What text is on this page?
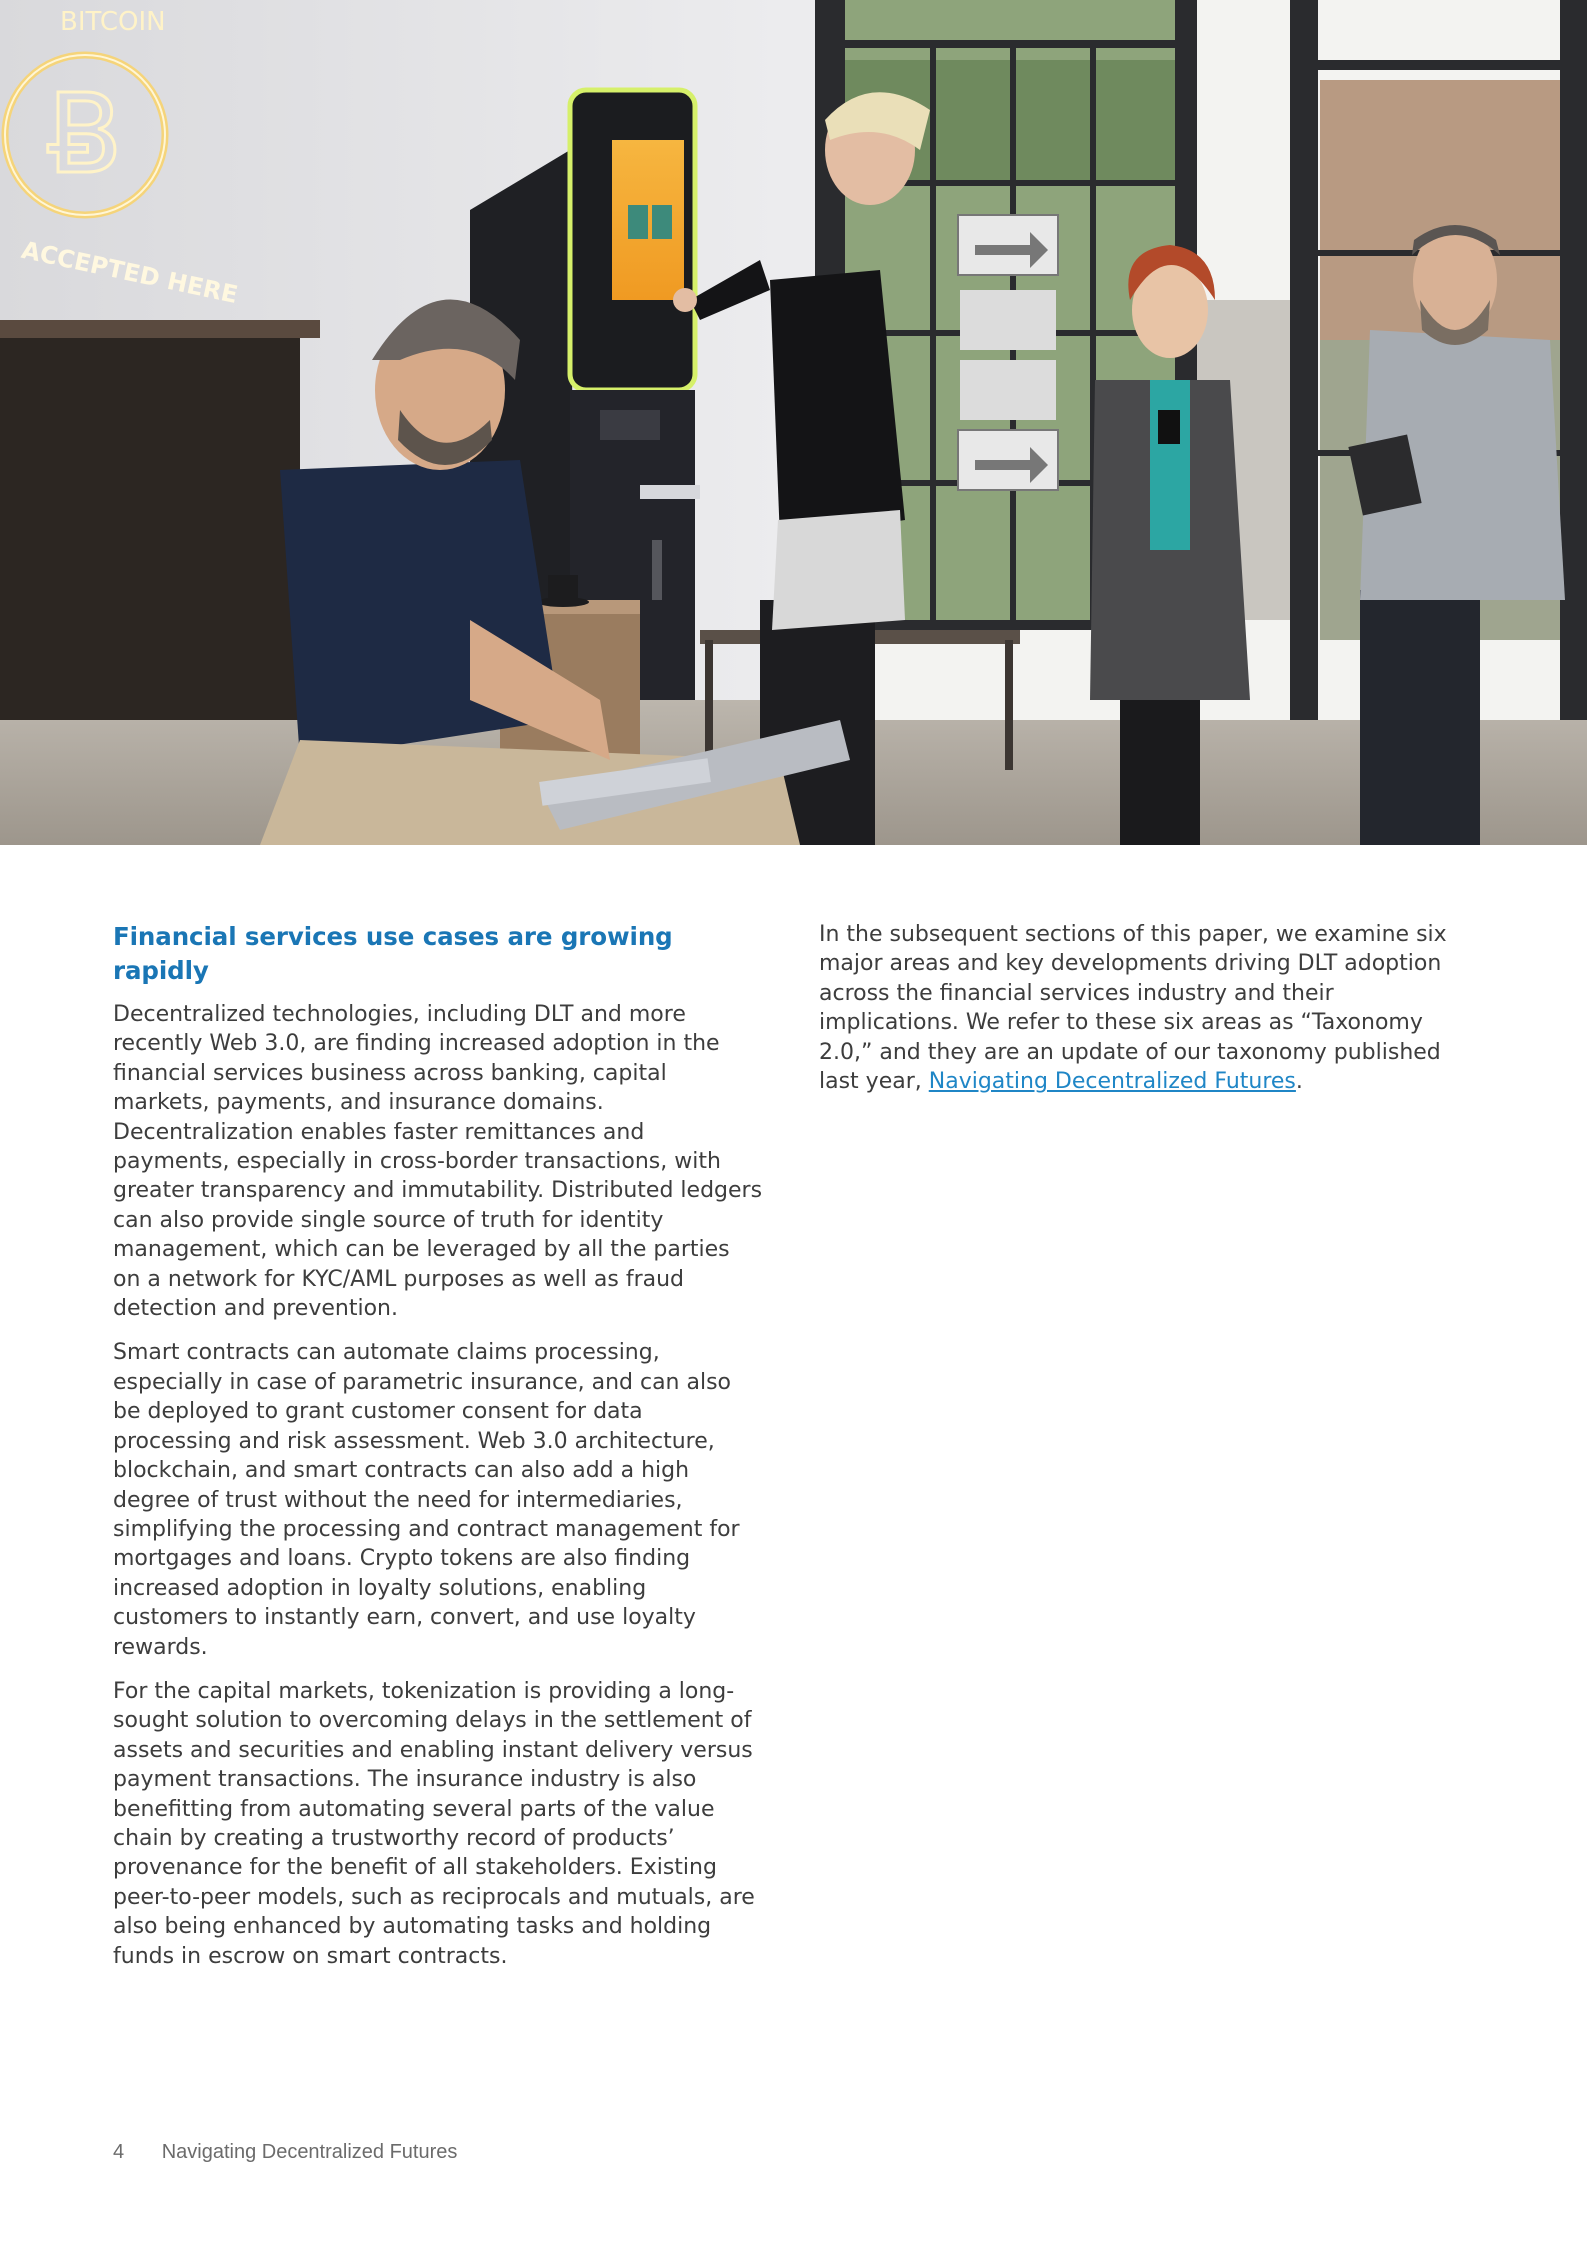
Ƀ
BITCOIN
ACCEPTED HERE
Financial services use cases are growing rapidly

Decentralized technologies, including DLT and more recently Web 3.0, are finding increased adoption in the financial services business across banking, capital markets, payments, and insurance domains. Decentralization enables faster remittances and payments, especially in cross-border transactions, with greater transparency and immutability. Distributed ledgers can also provide single source of truth for identity management, which can be leveraged by all the parties on a network for KYC/AML purposes as well as fraud detection and prevention.

Smart contracts can automate claims processing, especially in case of parametric insurance, and can also be deployed to grant customer consent for data processing and risk assessment. Web 3.0 architecture, blockchain, and smart contracts can also add a high degree of trust without the need for intermediaries, simplifying the processing and contract management for mortgages and loans. Crypto tokens are also finding increased adoption in loyalty solutions, enabling customers to instantly earn, convert, and use loyalty rewards.

For the capital markets, tokenization is providing a long-sought solution to overcoming delays in the settlement of assets and securities and enabling instant delivery versus payment transactions. The insurance industry is also benefitting from automating several parts of the value chain by creating a trustworthy record of products’ provenance for the benefit of all stakeholders. Existing peer-to-peer models, such as reciprocals and mutuals, are also being enhanced by automating tasks and holding funds in escrow on smart contracts.

In the subsequent sections of this paper, we examine six major areas and key developments driving DLT adoption across the financial services industry and their implications. We refer to these six areas as “Taxonomy 2.0,” and they are an update of our taxonomy published last year, Navigating Decentralized Futures.

4 Navigating Decentralized Futures
